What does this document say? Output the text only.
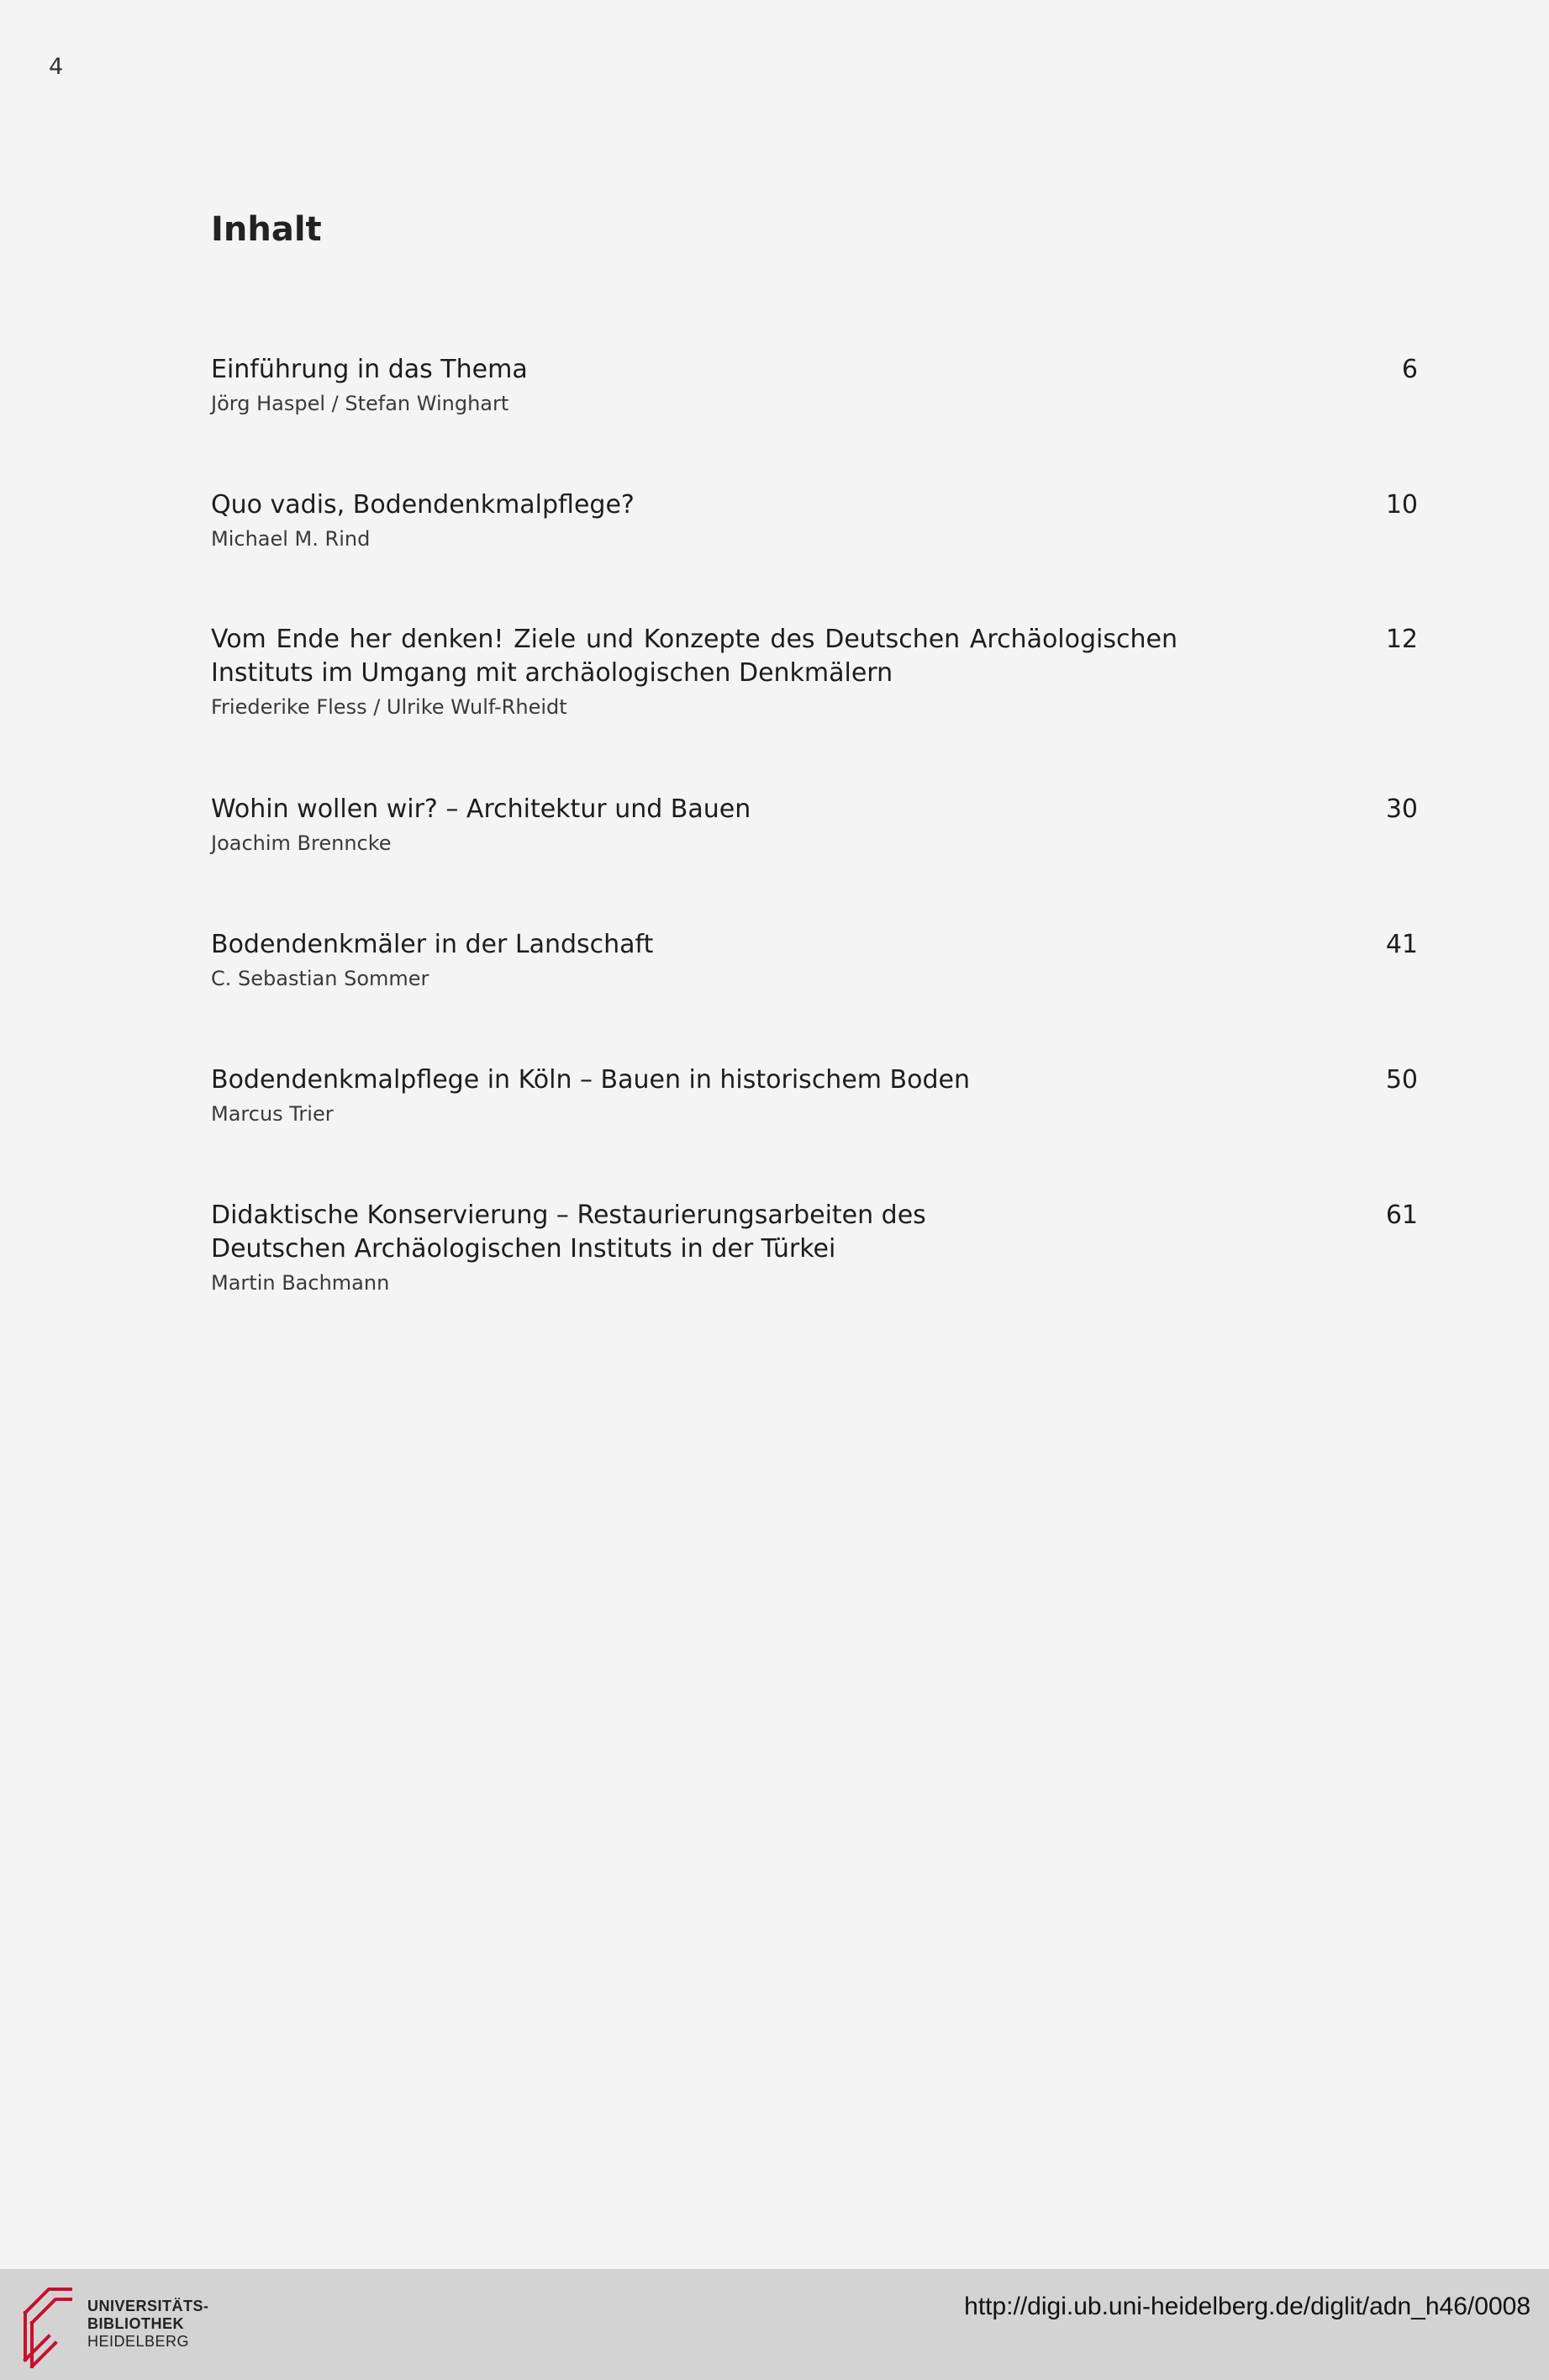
4
Inhalt
Einführung in das Thema
Jörg Haspel / Stefan Winghart
6
Quo vadis, Bodendenkmalpflege?
Michael M. Rind
10
Vom Ende her denken! Ziele und Konzepte des Deutschen Archäologischen
Instituts im Umgang mit archäologischen Denkmälern
Friederike Fless / Ulrike Wulf-Rheidt
12
Wohin wollen wir? – Architektur und Bauen
Joachim Brenncke
30
Bodendenkmäler in der Landschaft
C. Sebastian Sommer
41
Bodendenkmalpflege in Köln – Bauen in historischem Boden
Marcus Trier
50
Didaktische Konservierung – Restaurierungsarbeiten des
Deutschen Archäologischen Instituts in der Türkei
Martin Bachmann
61
UNIVERSITÄTS-
BIBLIOTHEK
HEIDELBERG
http://digi.ub.uni-heidelberg.de/diglit/adn_h46/0008
